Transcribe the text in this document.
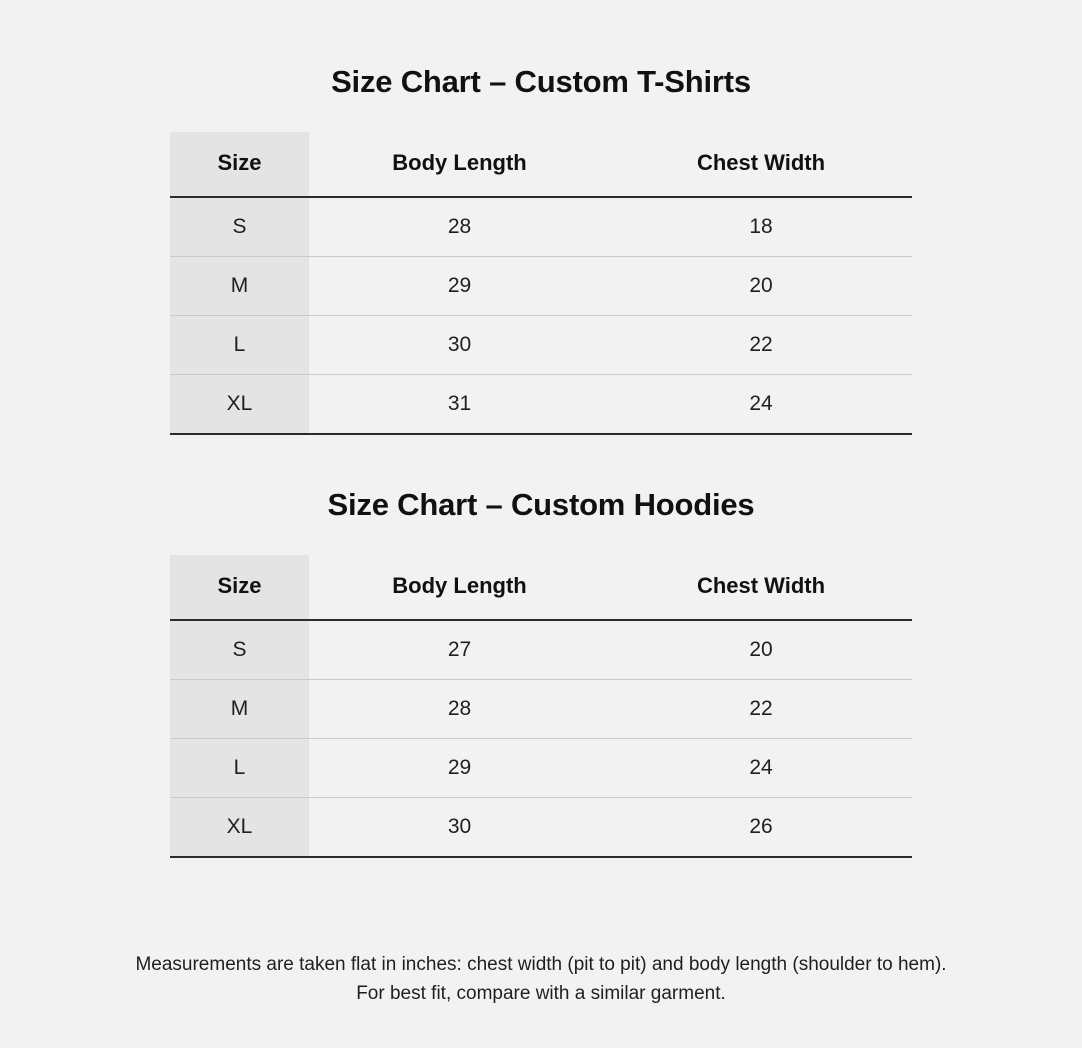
Size Chart – Custom T-Shirts
Size	Body Length	Chest Width
S	28	18
M	29	20
L	30	22
XL	31	24
Size Chart – Custom Hoodies
Size	Body Length	Chest Width
S	27	20
M	28	22
L	29	24
XL	30	26
Measurements are taken flat in inches: chest width (pit to pit) and body length (shoulder to hem).
For best fit, compare with a similar garment.
